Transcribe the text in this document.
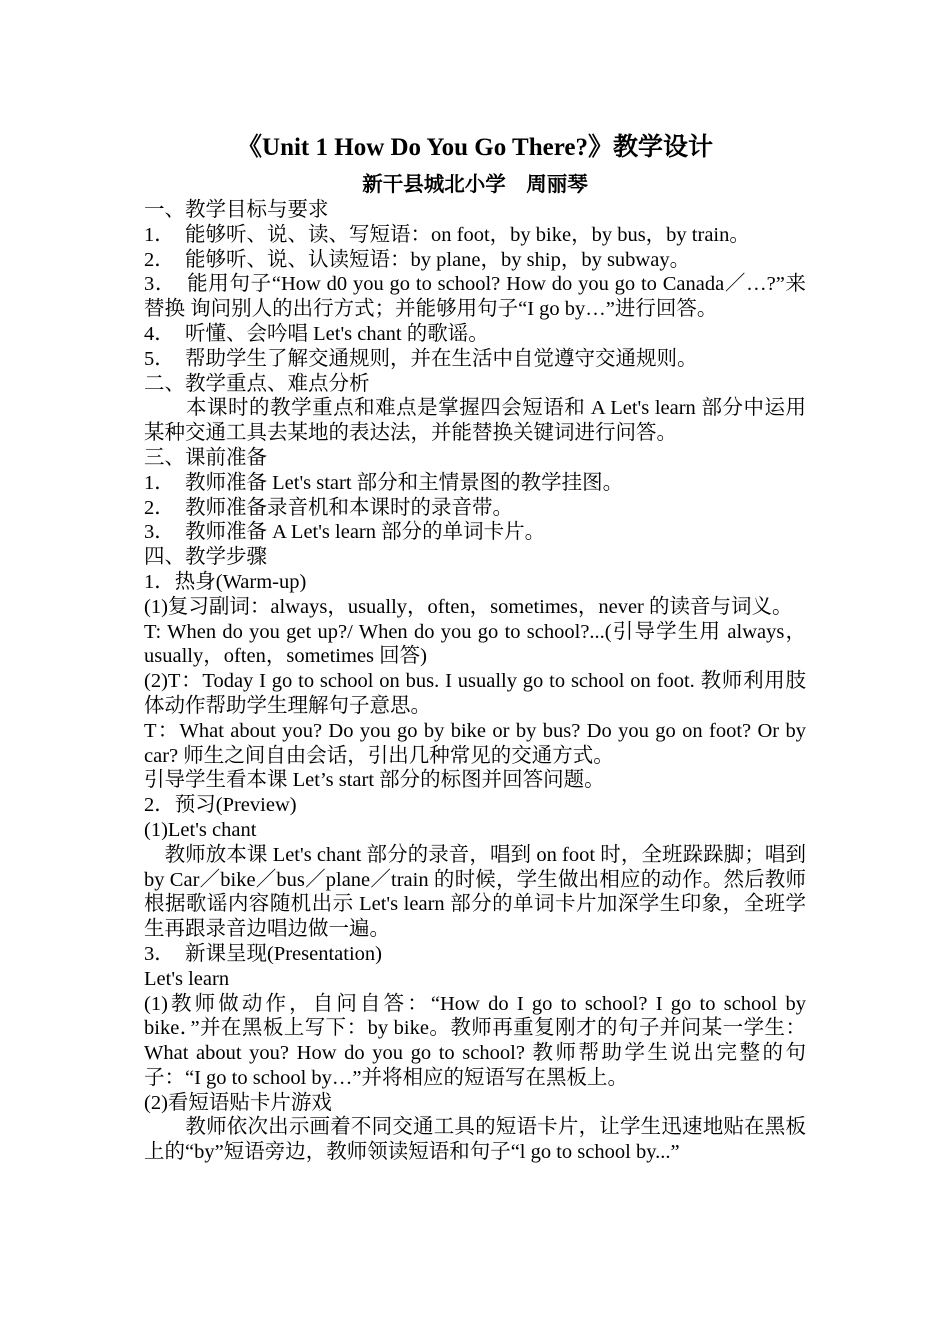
《Unit 1 How Do You Go There?》教学设计
新干县城北小学　周丽琴
一、教学目标与要求
1．　能够听、说、读、写短语：on foot，by bike，by bus，by train。
2．　能够听、说、认读短语：by plane，by ship，by subway。
3．　能用句子“How d0 you go to school? How do you go to Canada／…?”来替换 询问别人的出行方式；并能够用句子“I go by…”进行回答。
4．　听懂、会吟唱 Let's chant 的歌谣。
5．　帮助学生了解交通规则，并在生活中自觉遵守交通规则。
二、教学重点、难点分析
　　本课时的教学重点和难点是掌握四会短语和 A Let's learn 部分中运用某种交通工具去某地的表达法，并能替换关键词进行问答。
三、课前准备
1．　教师准备 Let's start 部分和主情景图的教学挂图。
2．　教师准备录音机和本课时的录音带。
3．　教师准备 A Let's learn 部分的单词卡片。
四、教学步骤
1．热身(Warm-up)
(1)复习副词：always，usually，often，sometimes，never 的读音与词义。
T: When do you get up?/ When do you go to school?...(引导学生用 always，usually，often，sometimes 回答)
(2)T：Today I go to school on bus. I usually go to school on foot. 教师利用肢体动作帮助学生理解句子意思。
T：What about you? Do you go by bike or by bus? Do you go on foot? Or by car? 师生之间自由会话，引出几种常见的交通方式。
引导学生看本课 Let’s start 部分的标图并回答问题。
2．预习(Preview)
(1)Let's chant
　教师放本课 Let's chant 部分的录音，唱到 on foot 时，全班跺跺脚；唱到 by Car／bike／bus／plane／train 的时候，学生做出相应的动作。然后教师根据歌谣内容随机出示 Let's learn 部分的单词卡片加深学生印象，全班学生再跟录音边唱边做一遍。
3．　新课呈现(Presentation)
Let's learn
(1)教师做动作，自问自答：“How do I go to school? I go to school by bike．”并在黑板上写下：by bike。教师再重复刚才的句子并问某一学生： What about you? How do you go to school? 教师帮助学生说出完整的句子：“I go to school by…”并将相应的短语写在黑板上。
(2)看短语贴卡片游戏
　　教师依次出示画着不同交通工具的短语卡片，让学生迅速地贴在黑板上的“by”短语旁边，教师领读短语和句子“l go to school by...”
